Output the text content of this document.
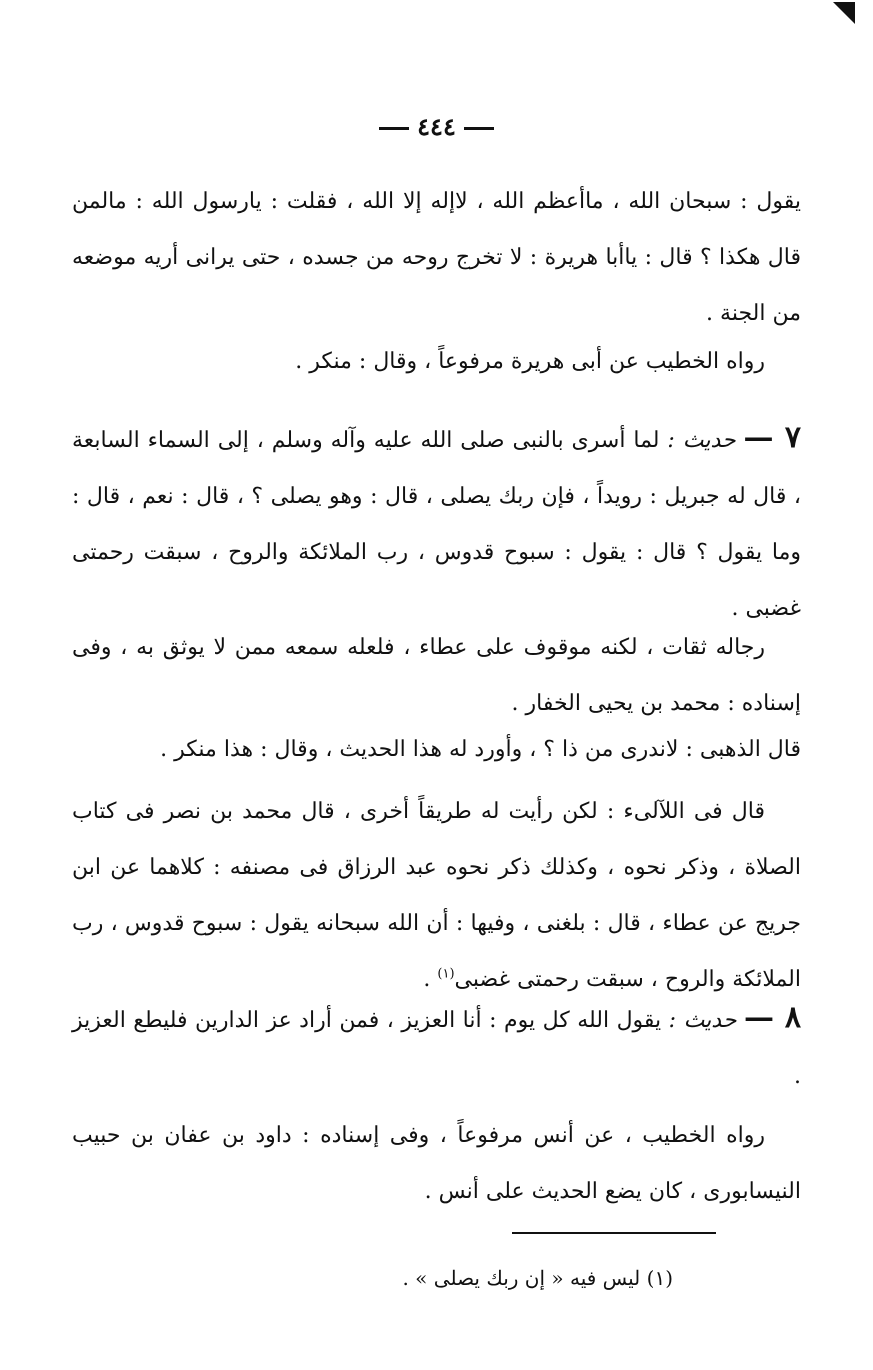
٤٤٤
يقول : سبحان الله ، ماأعظم الله ، لاإله إلا الله ، فقلت : يارسول الله : مالمن قال هكذا ؟ قال : ياأبا هريرة : لا تخرج روحه من جسده ، حتى يرانى أريه موضعه من الجنة .
رواه الخطيب عن أبى هريرة مرفوعاً ، وقال : منكر .
٧ — حديث : لما أسرى بالنبى صلى الله عليه وآله وسلم ، إلى السماء السابعة ، قال له جبريل : رويداً ، فإن ربك يصلى ، قال : وهو يصلى ؟ ، قال : نعم ، قال : وما يقول ؟ قال : يقول : سبوح قدوس ، رب الملائكة والروح ، سبقت رحمتى غضبى .
رجاله ثقات ، لكنه موقوف على عطاء ، فلعله سمعه ممن لا يوثق به ، وفى إسناده : محمد بن يحيى الخفار .
قال الذهبى : لاندرى من ذا ؟ ، وأورد له هذا الحديث ، وقال : هذا منكر .
قال فى اللآلىء : لكن رأيت له طريقاً أخرى ، قال محمد بن نصر فى كتاب الصلاة ، وذكر نحوه ، وكذلك ذكر نحوه عبد الرزاق فى مصنفه : كلاهما عن ابن جريج عن عطاء ، قال : بلغنى ، وفيها : أن الله سبحانه يقول : سبوح قدوس ، رب الملائكة والروح ، سبقت رحمتى غضبى$^{(١)}$ .
٨ — حديث : يقول الله كل يوم : أنا العزيز ، فمن أراد عز الدارين فليطع العزيز .
رواه الخطيب ، عن أنس مرفوعاً ، وفى إسناده : داود بن عفان بن حبيب النيسابورى ، كان يضع الحديث على أنس .
(١) ليس فيه « إن ربك يصلى » .
